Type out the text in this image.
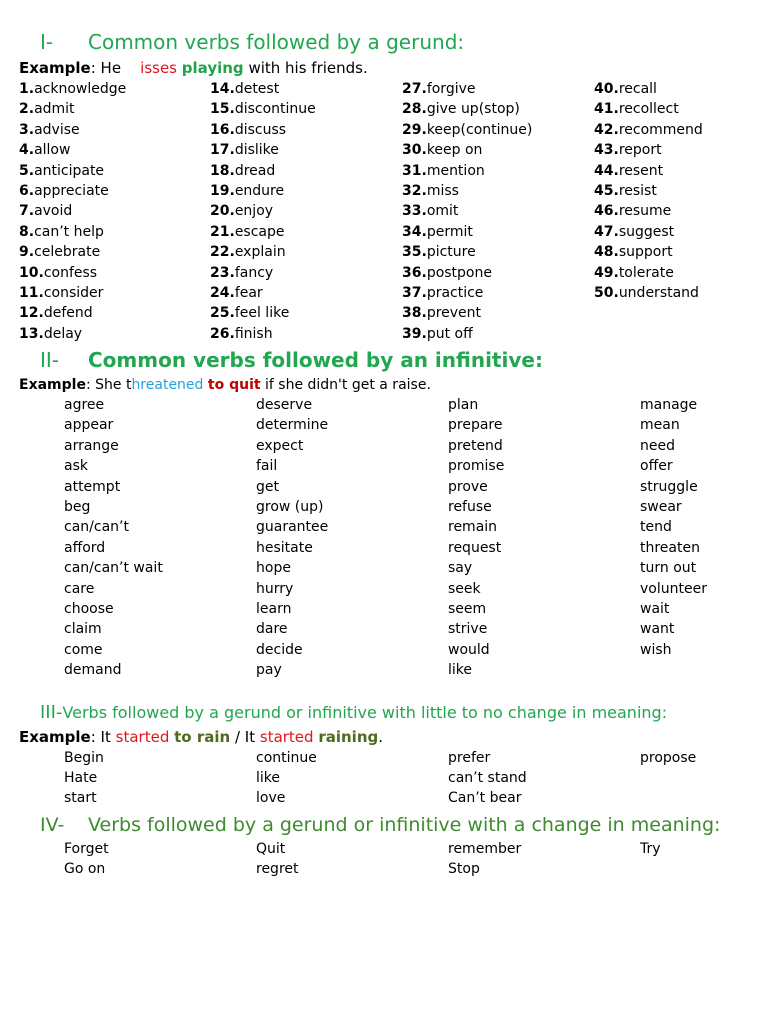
I- Common verbs followed by a gerund:
Example: He isses playing with his friends.
1.acknowledge
2.admit
3.advise
4.allow
5.anticipate
6.appreciate
7.avoid
8.can’t help
9.celebrate
10.confess
11.consider
12.defend
13.delay
14.detest
15.discontinue
16.discuss
17.dislike
18.dread
19.endure
20.enjoy
21.escape
22.explain
23.fancy
24.fear
25.feel like
26.finish
27.forgive
28.give up(stop)
29.keep(continue)
30.keep on
31.mention
32.miss
33.omit
34.permit
35.picture
36.postpone
37.practice
38.prevent
39.put off
40.recall
41.recollect
42.recommend
43.report
44.resent
45.resist
46.resume
47.suggest
48.support
49.tolerate
50.understand
II- Common verbs followed by an infinitive:
Example: She threatened to quit if she didn't get a raise.
agree
appear
arrange
ask
attempt
beg
can/can’t
afford
can/can’t wait
care
choose
claim
come
demand
deserve
determine
expect
fail
get
grow (up)
guarantee
hesitate
hope
hurry
learn
dare
decide
pay
plan
prepare
pretend
promise
prove
refuse
remain
request
say
seek
seem
strive
would
like
manage
mean
need
offer
struggle
swear
tend
threaten
turn out
volunteer
wait
want
wish
III-Verbs followed by a gerund or infinitive with little to no change in meaning:
Example: It started to rain / It started raining.
Begin
Hate
start
continue
like
love
prefer
can’t stand
Can’t bear
propose
IV- Verbs followed by a gerund or infinitive with a change in meaning:
Forget
Go on
Quit
regret
remember
Stop
Try
